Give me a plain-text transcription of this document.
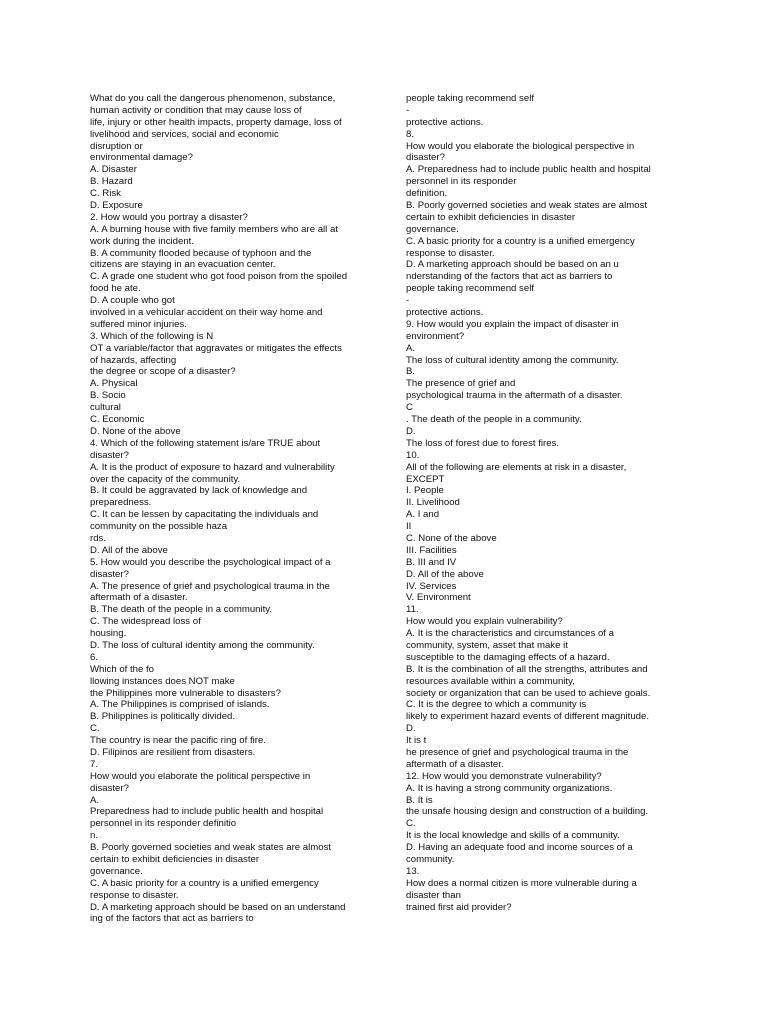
What do you call the dangerous phenomenon, substance,
human activity or condition that may cause loss of
life, injury or other health impacts, property damage, loss of
livelihood and services, social and economic
disruption or
environmental damage?
A. Disaster
B. Hazard
C. Risk
D. Exposure
2. How would you portray a disaster?
A. A burning house with five family members who are all at
work during the incident.
B. A community flooded because of typhoon and the
citizens are staying in an evacuation center.
C. A grade one student who got food poison from the spoiled
food he ate.
D. A couple who got
involved in a vehicular accident on their way home and
suffered minor injuries.
3. Which of the following is N
OT a variable/factor that aggravates or mitigates the effects
of hazards, affecting
the degree or scope of a disaster?
A. Physical
B. Socio
cultural
C. Economic
D. None of the above
4. Which of the following statement is/are TRUE about
disaster?
A. It is the product of exposure to hazard and vulnerability
over the capacity of the community.
B. It could be aggravated by lack of knowledge and
preparedness.
C. It can be lessen by capacitating the individuals and
community on the possible haza
rds.
D. All of the above
5. How would you describe the psychological impact of a
disaster?
A. The presence of grief and psychological trauma in the
aftermath of a disaster.
B. The death of the people in a community.
C. The widespread loss of
housing.
D. The loss of cultural identity among the community.
6.
Which of the fo
llowing instances does NOT make
the Philippines more vulnerable to disasters?
A. The Philippines is comprised of islands.
B. Philippines is politically divided.
C.
The country is near the pacific ring of fire.
D. Filipinos are resilient from disasters.
7.
How would you elaborate the political perspective in
disaster?
A.
Preparedness had to include public health and hospital
personnel in its responder definitio
n.
B. Poorly governed societies and weak states are almost
certain to exhibit deficiencies in disaster
governance.
C. A basic priority for a country is a unified emergency
response to disaster.
D. A marketing approach should be based on an understand
ing of the factors that act as barriers to
people taking recommend self
-
protective actions.
8.
How would you elaborate the biological perspective in
disaster?
A. Preparedness had to include public health and hospital
personnel in its responder
definition.
B. Poorly governed societies and weak states are almost
certain to exhibit deficiencies in disaster
governance.
C. A basic priority for a country is a unified emergency
response to disaster.
D. A marketing approach should be based on an u
nderstanding of the factors that act as barriers to
people taking recommend self
-
protective actions.
9. How would you explain the impact of disaster in
environment?
A.
The loss of cultural identity among the community.
B.
The presence of grief and
psychological trauma in the aftermath of a disaster.
C
. The death of the people in a community.
D.
The loss of forest due to forest fires.
10.
All of the following are elements at risk in a disaster,
EXCEPT
I. People
II. Livelihood
A. I and
II
C. None of the above
III. Facilities
B. III and IV
D. All of the above
IV. Services
V. Environment
11.
How would you explain vulnerability?
A. It is the characteristics and circumstances of a
community, system, asset that make it
susceptible to the damaging effects of a hazard.
B. It is the combination of all the strengths, attributes and
resources available within a community,
society or organization that can be used to achieve goals.
C. It is the degree to which a community is
likely to experiment hazard events of different magnitude.
D.
It is t
he presence of grief and psychological trauma in the
aftermath of a disaster.
12. How would you demonstrate vulnerability?
A. It is having a strong community organizations.
B. It is
the unsafe housing design and construction of a building.
C.
It is the local knowledge and skills of a community.
D. Having an adequate food and income sources of a
community.
13.
How does a normal citizen is more vulnerable during a
disaster than
trained first aid provider?
